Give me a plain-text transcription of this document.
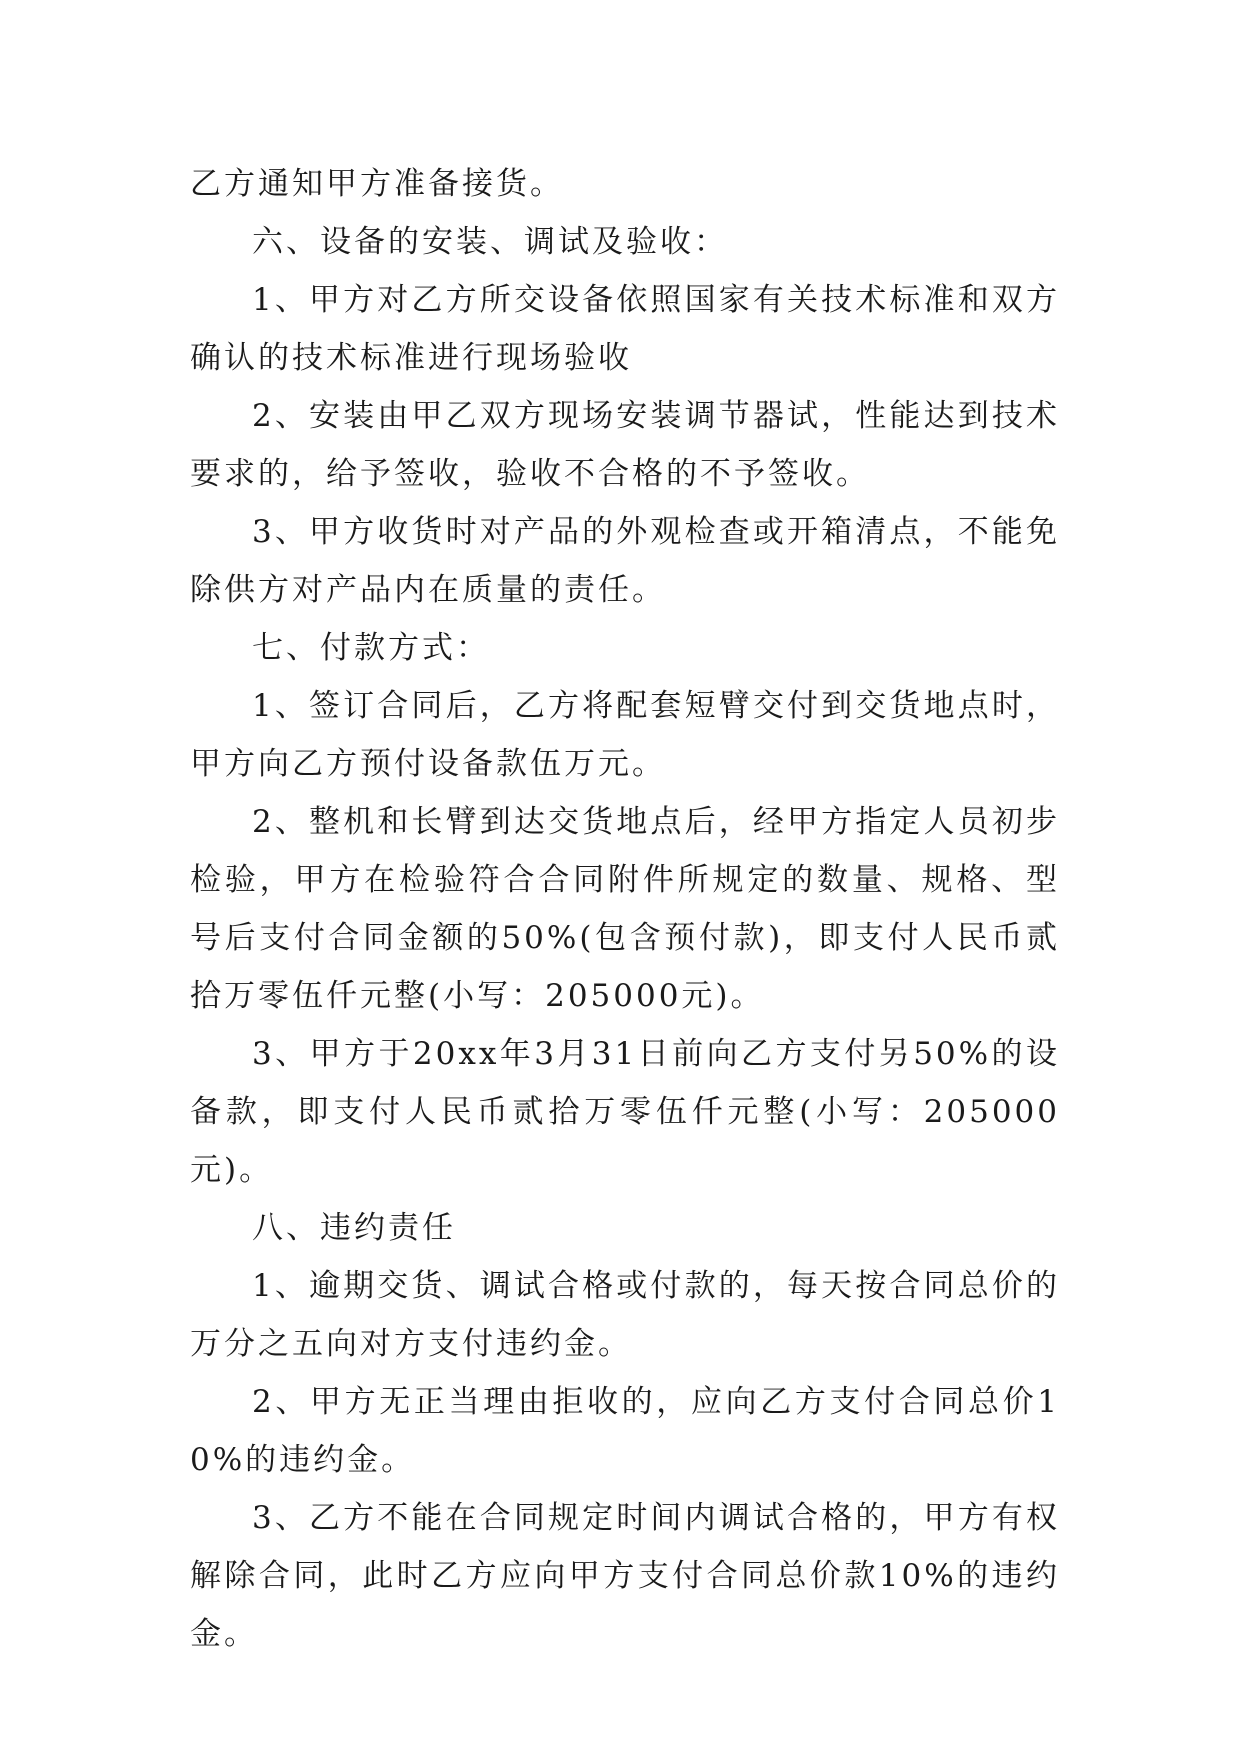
乙方通知甲方准备接货。

六、设备的安装、调试及验收：

1、甲方对乙方所交设备依照国家有关技术标准和双方确认的技术标准进行现场验收

2、安装由甲乙双方现场安装调节器试，性能达到技术要求的，给予签收，验收不合格的不予签收。

3、甲方收货时对产品的外观检查或开箱清点，不能免除供方对产品内在质量的责任。

七、付款方式：

1、签订合同后，乙方将配套短臂交付到交货地点时，甲方向乙方预付设备款伍万元。

2、整机和长臂到达交货地点后，经甲方指定人员初步检验，甲方在检验符合合同附件所规定的数量、规格、型号后支付合同金额的50%(包含预付款)，即支付人民币贰拾万零伍仟元整(小写：205000元)。

3、甲方于20xx年3月31日前向乙方支付另50%的设备款，即支付人民币贰拾万零伍仟元整(小写：205000元)。

八、违约责任

1、逾期交货、调试合格或付款的，每天按合同总价的万分之五向对方支付违约金。

2、甲方无正当理由拒收的，应向乙方支付合同总价10%的违约金。

3、乙方不能在合同规定时间内调试合格的，甲方有权解除合同，此时乙方应向甲方支付合同总价款10%的违约金。
